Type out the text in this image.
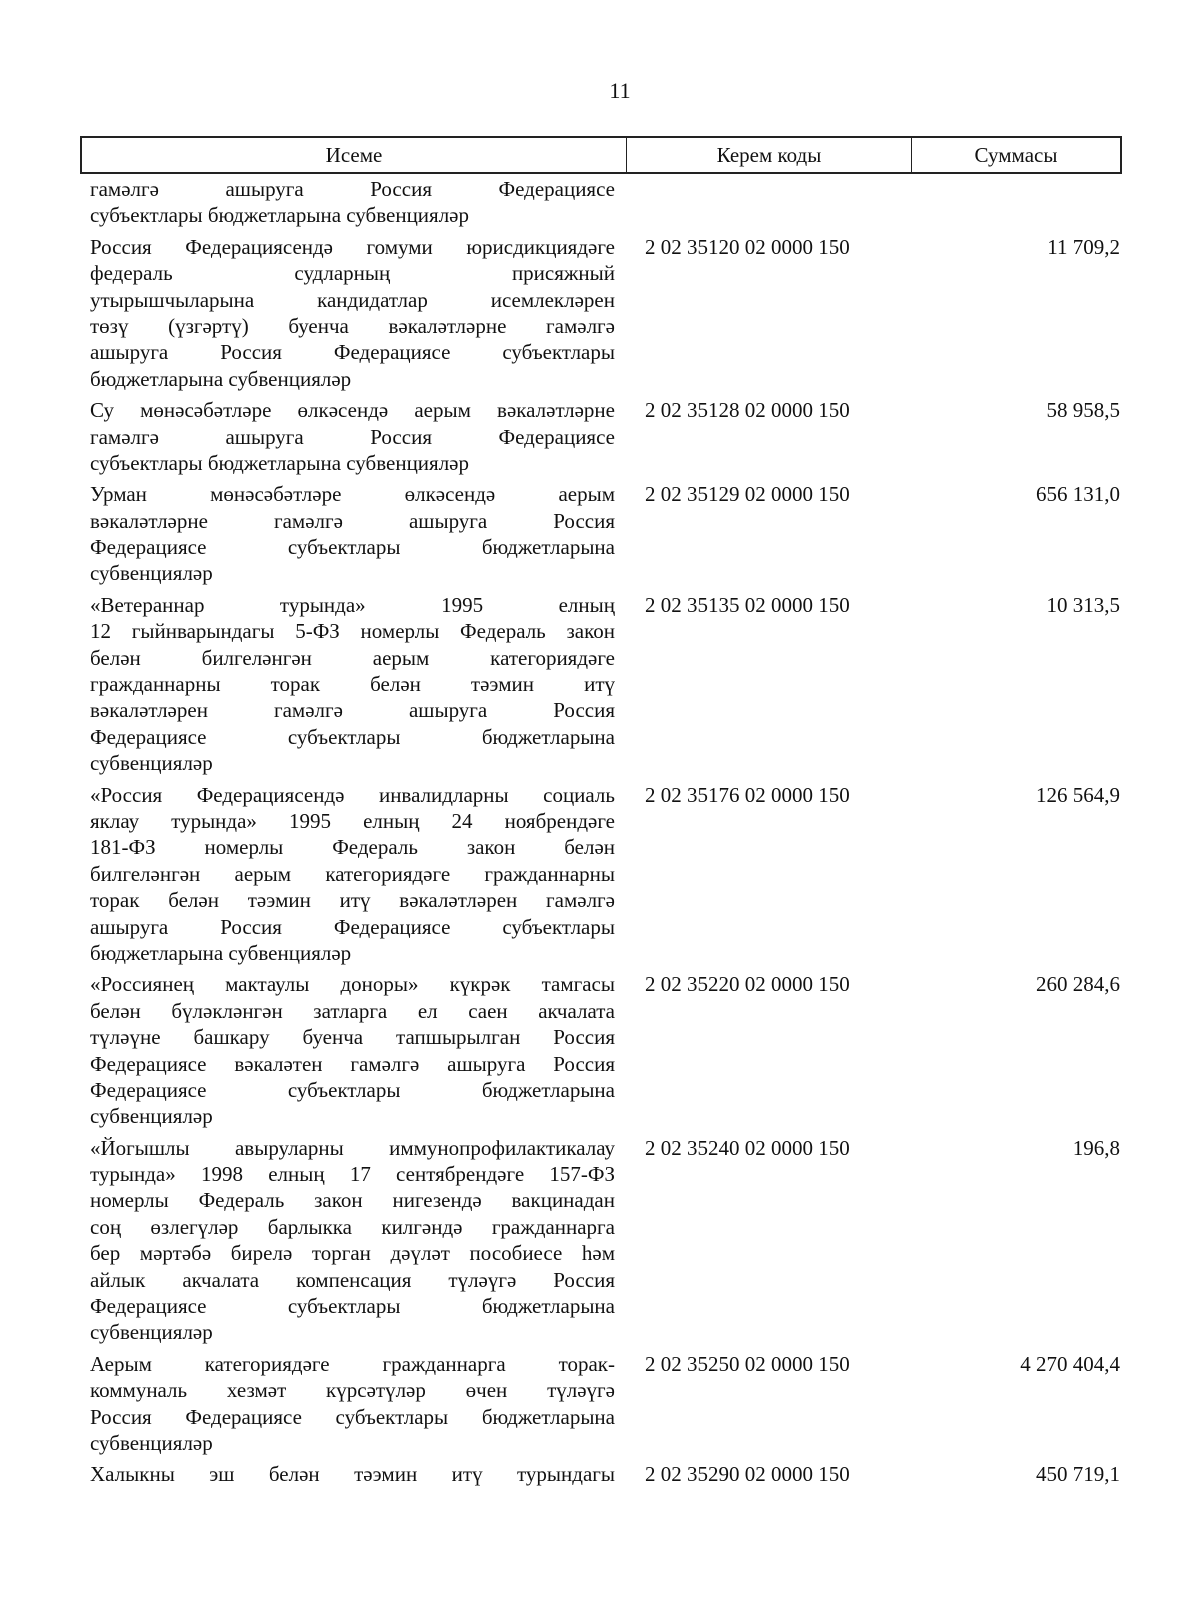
11
Исеме	Керем коды	Суммасы
гамәлгә ашыруга Россия Федерациясе
субъектлары бюджетларына субвенцияләр
Россия Федерациясендә гомуми юрисдикциядәге
федераль судларның присяжный
утырышчыларына кандидатлар исемлекләрен
төзү (үзгәртү) буенча вәкаләтләрне гамәлгә
ашыруга Россия Федерациясе субъектлары
бюджетларына субвенцияләр
2 02 35120 02 0000 150	11 709,2
Су мөнәсәбәтләре өлкәсендә аерым вәкаләтләрне
гамәлгә ашыруга Россия Федерациясе
субъектлары бюджетларына субвенцияләр
2 02 35128 02 0000 150	58 958,5
Урман мөнәсәбәтләре өлкәсендә аерым
вәкаләтләрне гамәлгә ашыруга Россия
Федерациясе субъектлары бюджетларына
субвенцияләр
2 02 35129 02 0000 150	656 131,0
«Ветераннар турында» 1995 елның
12 гыйнварындагы 5-ФЗ номерлы Федераль закон
белән билгеләнгән аерым категориядәге
гражданнарны торак белән тәэмин итү
вәкаләтләрен гамәлгә ашыруга Россия
Федерациясе субъектлары бюджетларына
субвенцияләр
2 02 35135 02 0000 150	10 313,5
«Россия Федерациясендә инвалидларны социаль
яклау турында» 1995 елның 24 ноябрендәге
181-ФЗ номерлы Федераль закон белән
билгеләнгән аерым категориядәге гражданнарны
торак белән тәэмин итү вәкаләтләрен гамәлгә
ашыруга Россия Федерациясе субъектлары
бюджетларына субвенцияләр
2 02 35176 02 0000 150	126 564,9
«Россиянең мактаулы доноры» күкрәк тамгасы
белән бүләкләнгән затларга ел саен акчалата
түләүне башкару буенча тапшырылган Россия
Федерациясе вәкаләтен гамәлгә ашыруга Россия
Федерациясе субъектлары бюджетларына
субвенцияләр
2 02 35220 02 0000 150	260 284,6
«Йогышлы авыруларны иммунопрофилактикалау
турында» 1998 елның 17 сентябрендәге 157-ФЗ
номерлы Федераль закон нигезендә вакцинадан
соң өзлегүләр барлыкка килгәндә гражданнарга
бер мәртәбә бирелә торган дәүләт пособиесе һәм
айлык акчалата компенсация түләүгә Россия
Федерациясе субъектлары бюджетларына
субвенцияләр
2 02 35240 02 0000 150	196,8
Аерым категориядәге гражданнарга торак-
коммуналь хезмәт күрсәтүләр өчен түләүгә
Россия Федерациясе субъектлары бюджетларына
субвенцияләр
2 02 35250 02 0000 150	4 270 404,4
Халыкны эш белән тәэмин итү турындагы 2 02 35290 02 0000 150	450 719,1
